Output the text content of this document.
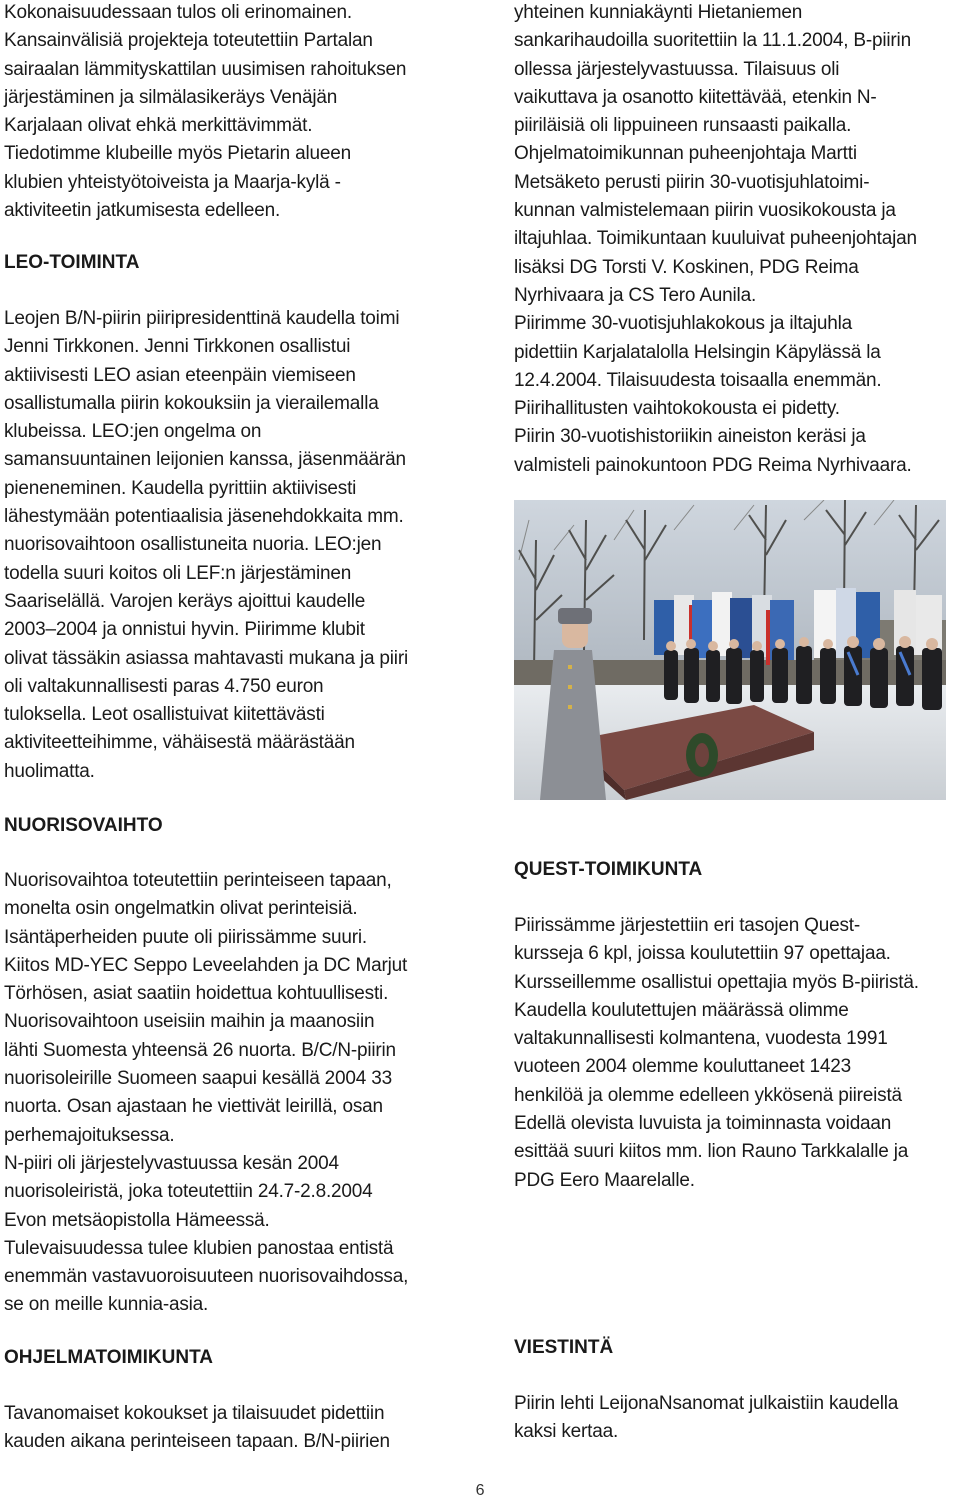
Kokonaisuudessaan tulos oli erinomainen.
Kansainvälisiä projekteja toteutettiin Partalan
sairaalan lämmityskattilan uusimisen rahoituksen
järjestäminen ja silmälasikeräys Venäjän
Karjalaan olivat ehkä merkittävimmät.
Tiedotimme klubeille myös Pietarin alueen
klubien yhteistyötoiveista ja Maarja-kylä -
aktiviteetin jatkumisesta edelleen.
LEO-TOIMINTA
Leojen B/N-piirin piiripresidenttinä kaudella toimi
Jenni Tirkkonen. Jenni Tirkkonen osallistui
aktiivisesti LEO asian eteenpäin viemiseen
osallistumalla piirin kokouksiin ja vierailemalla
klubeissa. LEO:jen ongelma on
samansuuntainen leijonien kanssa, jäsenmäärän
pieneneminen. Kaudella pyrittiin aktiivisesti
lähestymään potentiaalisia jäsenehdokkaita mm.
nuorisovaihtoon osallistuneita nuoria. LEO:jen
todella suuri koitos oli LEF:n järjestäminen
Saariselällä. Varojen keräys ajoittui kaudelle
2003–2004 ja onnistui hyvin. Piirimme klubit
olivat tässäkin asiassa mahtavasti mukana ja piiri
oli valtakunnallisesti paras 4.750 euron
tuloksella. Leot osallistuivat kiitettävästi
aktiviteetteihimme, vähäisestä määrästään
huolimatta.
NUORISOVAIHTO
Nuorisovaihtoa toteutettiin perinteiseen tapaan,
monelta osin ongelmatkin olivat perinteisiä.
Isäntäperheiden puute oli piirissämme suuri.
Kiitos MD-YEC Seppo Leveelahden ja DC Marjut
Törhösen, asiat saatiin hoidettua kohtuullisesti.
Nuorisovaihtoon useisiin maihin ja maanosiin
lähti Suomesta yhteensä 26 nuorta. B/C/N-piirin
nuorisoleirille Suomeen saapui kesällä 2004 33
nuorta. Osan ajastaan he viettivät leirillä, osan
perhemajoituksessa.
N-piiri oli järjestelyvastuussa kesän 2004
nuorisoleiristä, joka toteutettiin 24.7-2.8.2004
Evon metsäopistolla Hämeessä.
Tulevaisuudessa tulee klubien panostaa entistä
enemmän vastavuoroisuuteen nuorisovaihdossa,
se on meille kunnia-asia.
OHJELMATOIMIKUNTA
Tavanomaiset kokoukset ja tilaisuudet pidettiin
kauden aikana perinteiseen tapaan. B/N-piirien
yhteinen kunniakäynti Hietaniemen
sankarihaudoilla suoritettiin la 11.1.2004, B-piirin
ollessa järjestelyvastuussa. Tilaisuus oli
vaikuttava ja osanotto kiitettävää, etenkin N-
piiriläisiä oli lippuineen runsaasti paikalla.
Ohjelmatoimikunnan puheenjohtaja Martti
Metsäketo perusti piirin 30-vuotisjuhlatoimi-
kunnan valmistelemaan piirin vuosikokousta ja
iltajuhlaa. Toimikuntaan kuuluivat puheenjohtajan
lisäksi DG Torsti V. Koskinen, PDG Reima
Nyrhivaara ja CS Tero Aunila.
Piirimme 30-vuotisjuhlakokous ja iltajuhla
pidettiin Karjalatalolla Helsingin Käpylässä la
12.4.2004. Tilaisuudesta toisaalla enemmän.
Piirihallitusten vaihtokokousta ei pidetty.
Piirin 30-vuotishistoriikin aineiston keräsi ja
valmisteli painokuntoon PDG Reima Nyrhivaara.
QUEST-TOIMIKUNTA
Piirissämme järjestettiin eri tasojen Quest-
kursseja 6 kpl, joissa koulutettiin 97 opettajaa.
Kursseillemme osallistui opettajia myös B-piiristä.
Kaudella koulutettujen määrässä olimme
valtakunnallisesti kolmantena, vuodesta 1991
vuoteen 2004 olemme kouluttaneet 1423
henkilöä ja olemme edelleen ykkösenä piireistä
Edellä olevista luvuista ja toiminnasta voidaan
esittää suuri kiitos mm. lion Rauno Tarkkalalle ja
PDG Eero Maarelalle.
VIESTINTÄ
Piirin lehti LeijonaNsanomat julkaistiin kaudella
kaksi kertaa.
6
